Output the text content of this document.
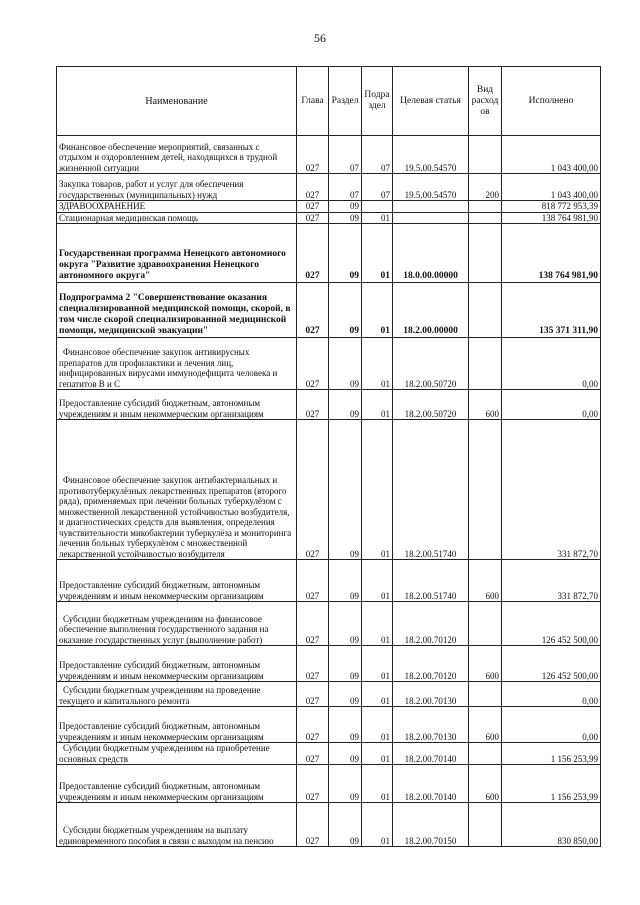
56
Наименование	Глава	Раздел	Подра здел	Целевая статья	Вид расход ов	Исполнено
Финансовое обеспечение мероприятий, связанных с отдыхом и оздоровлением детей, находящихся в трудной жизненной ситуации	027	07	07	19.5.00.54570		1 043 400,00
Закупка товаров, работ и услуг для обеспечения государственных (муниципальных) нужд	027	07	07	19.5.00.54570	200	1 043 400,00
ЗДРАВООХРАНЕНИЕ	027	09				818 772 953,39
Стационарная медицинская помощь	027	09	01			138 764 981,90
Государственная программа Ненецкого автономного округа "Развитие здравоохранения Ненецкого автономного округа"	027	09	01	18.0.00.00000		138 764 981,90
Подпрограмма 2 "Совершенствование оказания специализированной медицинской помощи, скорой, в том числе скорой специализированной медицинской помощи, медицинской эвакуации"	027	09	01	18.2.00.00000		135 371 311,90
Финансовое обеспечение закупок антивирусных препаратов для профилактики и лечения лиц, инфицированных вирусами иммунодефицита человека и гепатитов В и С	027	09	01	18.2.00.50720		0,00
Предоставление субсидий бюджетным, автономным учреждениям и иным некоммерческим организациям	027	09	01	18.2.00.50720	600	0,00
Финансовое обеспечение закупок антибактериальных и противотуберкулёзных лекарственных препаратов (второго ряда), применяемых при лечении больных туберкулёзом с множественной лекарственной устойчивостью возбудителя, и диагностических средств для выявления, определения чувствительности микобактерии туберкулёза и мониторинга лечения больных туберкулёзом с множественной лекарственной устойчивостью возбудителя	027	09	01	18.2.00.51740		331 872,70
Предоставление субсидий бюджетным, автономным учреждениям и иным некоммерческим организациям	027	09	01	18.2.00.51740	600	331 872,70
Субсидии бюджетным учреждениям на финансовое обеспечение выполнения государственного задания на оказание государственных услуг (выполнение работ)	027	09	01	18.2.00.70120		126 452 500,00
Предоставление субсидий бюджетным, автономным учреждениям и иным некоммерческим организациям	027	09	01	18.2.00.70120	600	126 452 500,00
Субсидии бюджетным учреждениям на проведение текущего и капитального ремонта	027	09	01	18.2.00.70130		0,00
Предоставление субсидий бюджетным, автономным учреждениям и иным некоммерческим организациям	027	09	01	18.2.00.70130	600	0,00
Субсидии бюджетным учреждениям на приобретение основных средств	027	09	01	18.2.00.70140		1 156 253,99
Предоставление субсидий бюджетным, автономным учреждениям и иным некоммерческим организациям	027	09	01	18.2.00.70140	600	1 156 253,99
Субсидии бюджетным учреждениям на выплату единовременного пособия в связи с выходом на пенсию	027	09	01	18.2.00.70150		830 850,00
